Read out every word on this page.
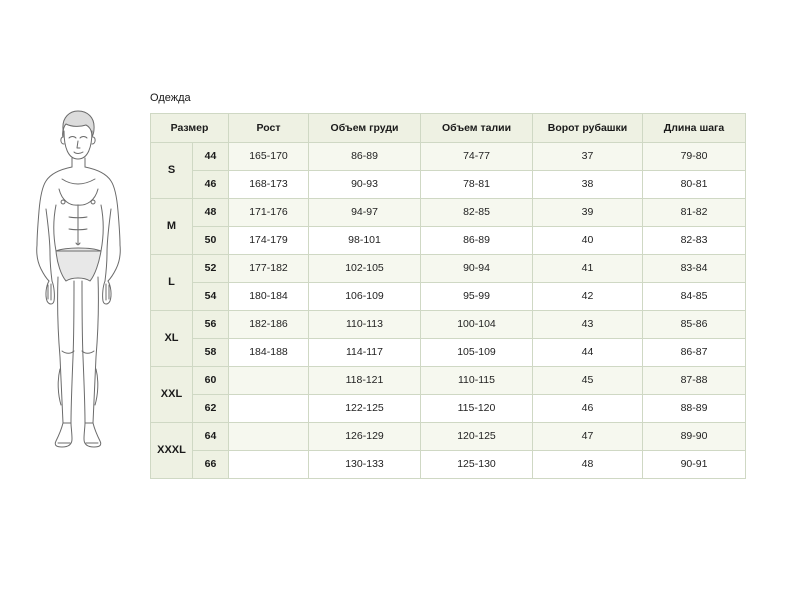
Одежда
Размер		Рост	Объем груди	Объем талии	Ворот рубашки	Длина шага
S	44	165-170	86-89	74-77	37	79-80
	46	168-173	90-93	78-81	38	80-81
M	48	171-176	94-97	82-85	39	81-82
	50	174-179	98-101	86-89	40	82-83
L	52	177-182	102-105	90-94	41	83-84
	54	180-184	106-109	95-99	42	84-85
XL	56	182-186	110-113	100-104	43	85-86
	58	184-188	114-117	105-109	44	86-87
XXL	60		118-121	110-115	45	87-88
	62		122-125	115-120	46	88-89
XXXL	64		126-129	120-125	47	89-90
	66		130-133	125-130	48	90-91
